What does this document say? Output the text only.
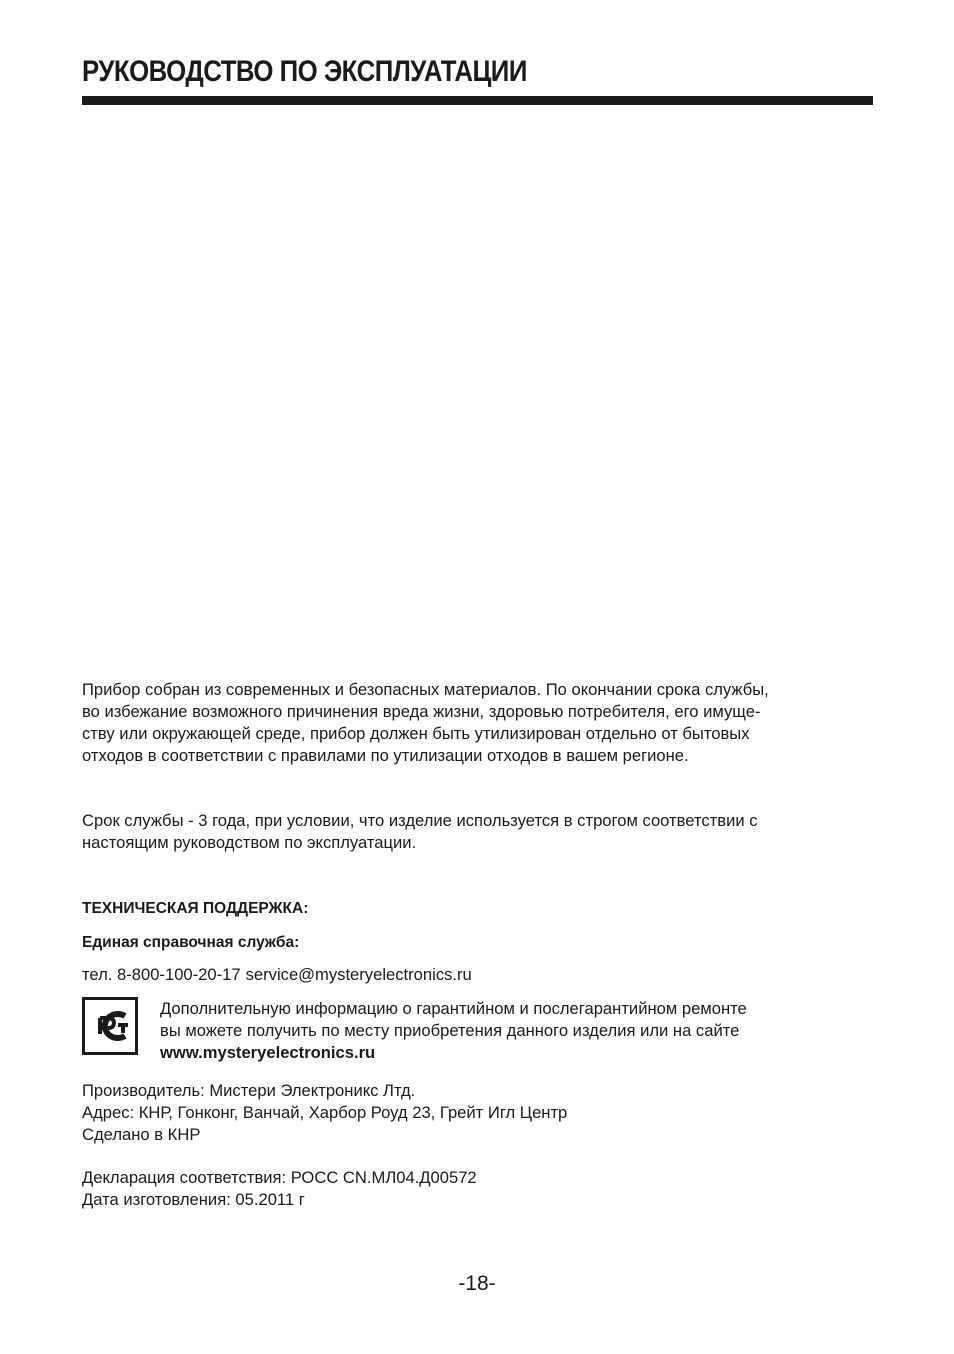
РУКОВОДСТВО ПО ЭКСПЛУАТАЦИИ

Прибор собран из современных и безопасных материалов. По окончании срока службы,
во избежание возможного причинения вреда жизни, здоровью потребителя, его имуще-
ству или окружающей среде, прибор должен быть утилизирован отдельно от бытовых
отходов в соответствии с правилами по утилизации отходов в вашем регионе.

Срок службы - 3 года, при условии, что изделие используется в строгом соответствии с
настоящим руководством по эксплуатации.

ТЕХНИЧЕСКАЯ ПОДДЕРЖКА:

Единая справочная служба:

тел. 8-800-100-20-17 service@mysteryelectronics.ru

Дополнительную информацию о гарантийном и послегарантийном ремонте
вы можете получить по месту приобретения данного изделия или на сайте
www.mysteryelectronics.ru

Производитель: Мистери Электроникс Лтд.
Адрес: КНР, Гонконг, Ванчай, Харбор Роуд 23, Грейт Игл Центр
Сделано в КНР

Декларация соответствия: РОСС CN.МЛ04.Д00572
Дата изготовления: 05.2011 г

-18-
